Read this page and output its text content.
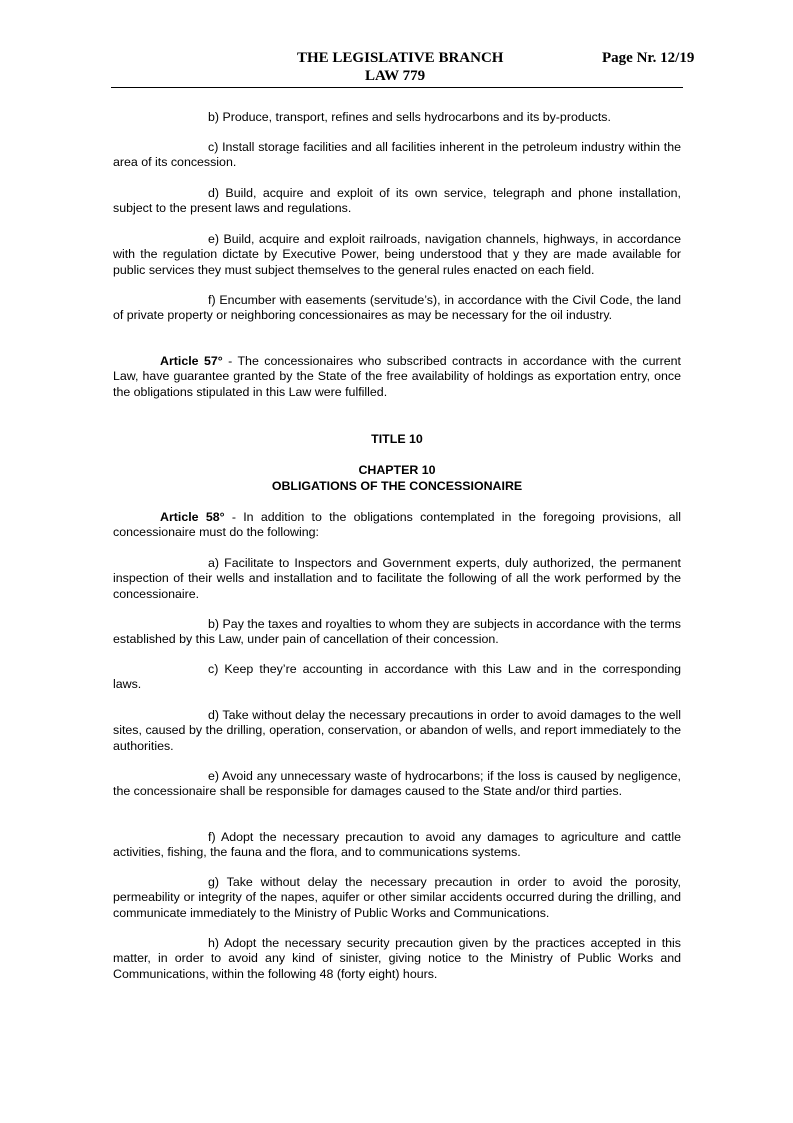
THE LEGISLATIVE BRANCH
LAW 779
Page Nr. 12/19

b) Produce, transport, refines and sells hydrocarbons and its by-products.

c) Install storage facilities and all facilities inherent in the petroleum industry within the area of its concession.

d) Build, acquire and exploit of its own service, telegraph and phone installation, subject to the present laws and regulations.

e) Build, acquire and exploit railroads, navigation channels, highways, in accordance with the regulation dictate by Executive Power, being understood that y they are made available for public services they must subject themselves to the general rules enacted on each field.

f) Encumber with easements (servitude’s), in accordance with the Civil Code, the land of private property or neighboring concessionaires as may be necessary for the oil industry.

Article 57° - The concessionaires who subscribed contracts in accordance with the current Law, have guarantee granted by the State of the free availability of holdings as exportation entry, once the obligations stipulated in this Law were fulfilled.

TITLE 10

CHAPTER 10

OBLIGATIONS OF THE CONCESSIONAIRE

Article 58° - In addition to the obligations contemplated in the foregoing provisions, all concessionaire must do the following:

a) Facilitate to Inspectors and Government experts, duly authorized, the permanent inspection of their wells and installation and to facilitate the following of all the work performed by the concessionaire.

b) Pay the taxes and royalties to whom they are subjects in accordance with the terms established by this Law, under pain of cancellation of their concession.

c) Keep they’re accounting in accordance with this Law and in the corresponding laws.

d) Take without delay the necessary precautions in order to avoid damages to the well sites, caused by the drilling, operation, conservation, or abandon of wells, and report immediately to the authorities.

e) Avoid any unnecessary waste of hydrocarbons; if the loss is caused by negligence, the concessionaire shall be responsible for damages caused to the State and/or third parties.

f) Adopt the necessary precaution to avoid any damages to agriculture and cattle activities, fishing, the fauna and the flora, and to communications systems.

g) Take without delay the necessary precaution in order to avoid the porosity, permeability or integrity of the napes, aquifer or other similar accidents occurred during the drilling, and communicate immediately to the Ministry of Public Works and Communications.

h) Adopt the necessary security precaution given by the practices accepted in this matter, in order to avoid any kind of sinister, giving notice to the Ministry of Public Works and Communications, within the following 48 (forty eight) hours.
